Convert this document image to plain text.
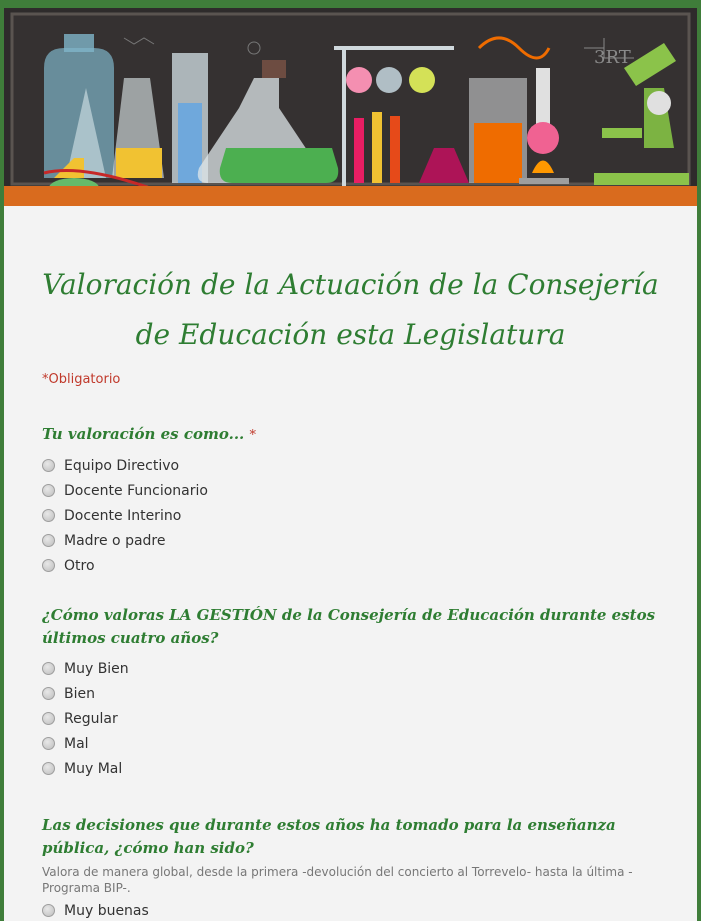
3RT
Valoración de la Actuación de la Consejería de Educación esta Legislatura
*Obligatorio
Tu valoración es como... *
Equipo Directivo
Docente Funcionario
Docente Interino
Madre o padre
Otro
¿Cómo valoras LA GESTIÓN de la Consejería de Educación durante estos últimos cuatro años?
Muy Bien
Bien
Regular
Mal
Muy Mal
Las decisiones que durante estos años ha tomado para la enseñanza pública, ¿cómo han sido?
Valora de manera global, desde la primera -devolución del concierto al Torrevelo- hasta la última -Programa BIP-.
Muy buenas
